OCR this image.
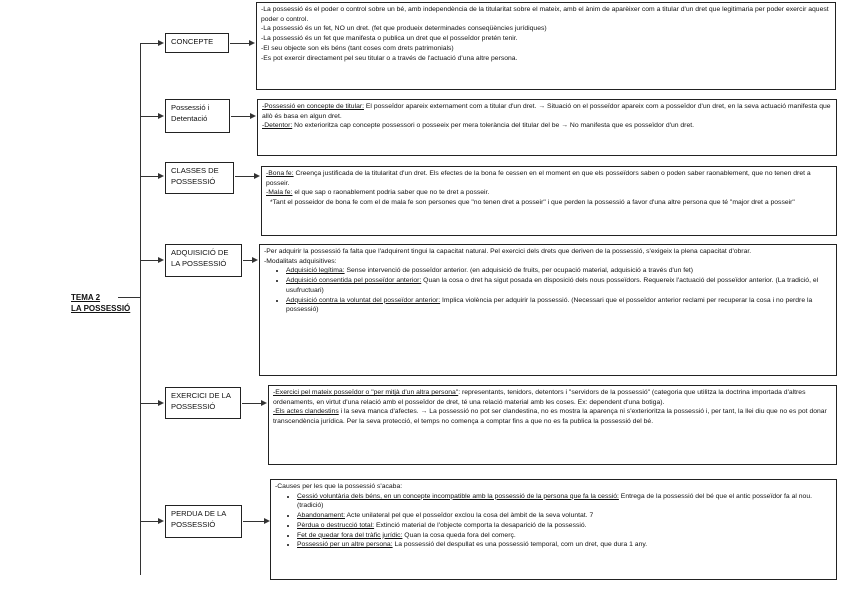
TEMA 2
LA POSSESSIÓ
CONCEPTE

-La possessió és el poder o control sobre un bé, amb independència de la titularitat sobre el mateix, amb el ànim de aparèixer com a titular d'un dret que legitimaria per poder exercir aquest poder o control.

-La possessió és un fet, NO un dret. (fet que produeix determinades conseqüències jurídiques)

-La possessió és un fet que manifesta o publica un dret que el posseïdor pretén tenir.

-El seu objecte son els béns (tant coses com drets patrimonials)

-Es pot exercir directament pel seu titular o a través de l'actuació d'una altre persona.

Possessió i Detentació

-Possessió en concepte de titular: El posseïdor apareix externament com a titular d'un dret. → Situació on el posseïdor apareix com a posseïdor d'un dret, en la seva actuació manifesta que allò és basa en algun dret.

-Detentor: No exterioritza cap concepte possessori o posseeix per mera tolerància del titular del be → No manifesta que es posseïdor d'un dret.

CLASSES DE POSSESSIÓ

-Bona fe: Creença justificada de la titularitat d'un dret. Els efectes de la bona fe cessen en el moment en que els posseïdors saben o poden saber raonablement, que no tenen dret a posseir.

-Mala fe: el que sap o raonablement podria saber que no te dret a posseir.

*Tant el posseidor de bona fe com el de mala fe son persones que "no tenen dret a posseir" i que perden la possessió a favor d'una altre persona que té "major dret a posseir"

ADQUISICIÓ DE LA POSSESSIÓ

-Per adquirir la possessió fa falta que l'adquirent tingui la capacitat natural. Pel exercici dels drets que deriven de la possessió, s'exigeix la plena capacitat d'obrar.

-Modalitats adquisitives:

• Adquisició legítima: Sense intervenció de posseïdor anterior. (en adquisició de fruits, per ocupació material, adquisició a través d'un fet)
• Adquisició consentida pel posseïdor anterior: Quan la cosa o dret ha sigut posada en disposició dels nous posseïdors. Requereix l'actuació del posseïdor anterior. (La tradició, el usufructuari)
• Adquisició contra la voluntat del posseïdor anterior: Implica violència per adquirir la possessió. (Necessari que el posseïdor anterior reclami per recuperar la cosa i no perdre la possessió)
EXERCICI DE LA POSSESSIÓ

-Exercici pel mateix posseïdor o "per mitjà d'un altra persona": representants, tenidors, detentors i "servidors de la possessió" (categoria que utilitza la doctrina importada d'altres ordenaments, en virtut d'una relació amb el posseïdor de dret, té una relació material amb les coses. Ex: dependent d'una botiga).

-Els actes clandestins i la seva manca d'afectes. → La possessió no pot ser clandestina, no es mostra la aparença ni s'exterioritza la possessió i, per tant, la llei diu que no es pot donar transcendència jurídica. Per la seva protecció, el temps no comença a comptar fins a que no es fa publica la possessió del bé.

PERDUA DE LA POSSESSIÓ

-Causes per les que la possessió s'acaba:

• Cessió voluntària dels béns, en un concepte incompatible amb la possessió de la persona que fa la cessió: Entrega de la possessió del bé que el antic posseïdor fa al nou. (tradició)
• Abandonament: Acte unilateral pel que el posseïdor exclou la cosa del àmbit de la seva voluntat. 7
• Pèrdua o destrucció total: Extinció material de l'objecte comporta la desaparició de la possessió.
• Fet de quedar fora del tràfic jurídic: Quan la cosa queda fora del comerç.
• Possessió per un altre persona: La possessió del despullat es una possessió temporal, com un dret, que dura 1 any.
